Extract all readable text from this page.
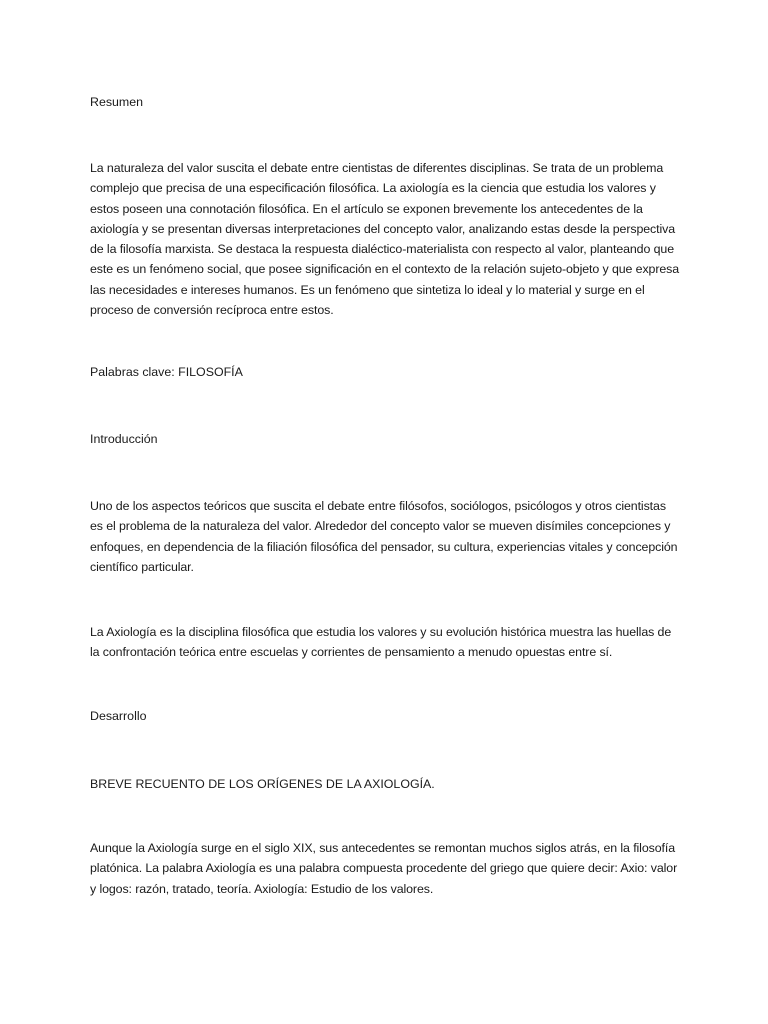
Resumen

La naturaleza del valor suscita el debate entre cientistas de diferentes disciplinas. Se trata de un problema complejo que precisa de una especificación filosófica. La axiología es la ciencia que estudia los valores y estos poseen una connotación filosófica. En el artículo se exponen brevemente los antecedentes de la axiología y se presentan diversas interpretaciones del concepto valor, analizando estas desde la perspectiva de la filosofía marxista. Se destaca la respuesta dialéctico-materialista con respecto al valor, planteando que este es un fenómeno social, que posee significación en el contexto de la relación sujeto-objeto y que expresa las necesidades e intereses humanos. Es un fenómeno que sintetiza lo ideal y lo material y surge en el proceso de conversión recíproca entre estos.

Palabras clave: FILOSOFÍA

Introducción

Uno de los aspectos teóricos que suscita el debate entre filósofos, sociólogos, psicólogos y otros cientistas es el problema de la naturaleza del valor. Alrededor del concepto valor se mueven disímiles concepciones y enfoques, en dependencia de la filiación filosófica del pensador, su cultura, experiencias vitales y concepción científico particular.

La Axiología es la disciplina filosófica que estudia los valores y su evolución histórica muestra las huellas de la confrontación teórica entre escuelas y corrientes de pensamiento a menudo opuestas entre sí.

Desarrollo

BREVE RECUENTO DE LOS ORÍGENES DE LA AXIOLOGÍA.

Aunque la Axiología surge en el siglo XIX, sus antecedentes se remontan muchos siglos atrás, en la filosofía platónica. La palabra Axiología es una palabra compuesta procedente del griego que quiere decir: Axio: valor y logos: razón, tratado, teoría. Axiología: Estudio de los valores.
